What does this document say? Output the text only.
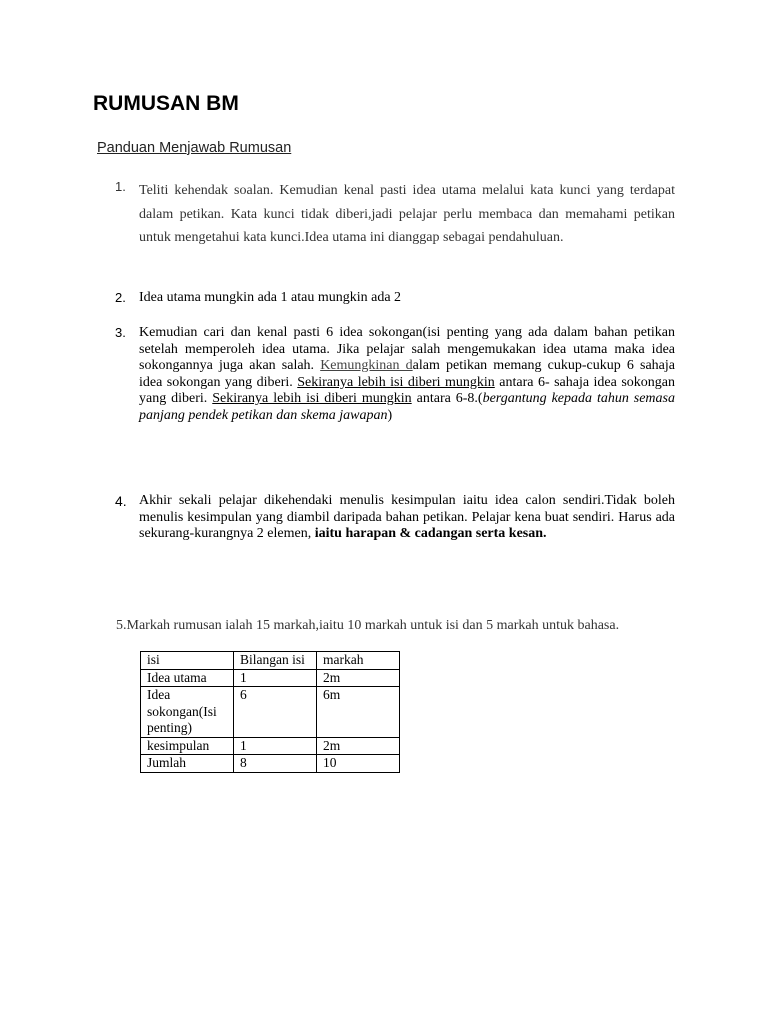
RUMUSAN BM
Panduan Menjawab Rumusan
1. Teliti kehendak soalan. Kemudian kenal pasti idea utama melalui kata kunci yang terdapat dalam petikan. Kata kunci tidak diberi,jadi pelajar perlu membaca dan memahami petikan untuk mengetahui kata kunci.Idea utama ini dianggap sebagai pendahuluan.
2. Idea utama mungkin ada 1 atau mungkin ada 2
3. Kemudian cari dan kenal pasti 6 idea sokongan(isi penting yang ada dalam bahan petikan setelah memperoleh idea utama. Jika pelajar salah mengemukakan idea utama maka idea sokongannya juga akan salah. Kemungkinan dalam petikan memang cukup-cukup 6 sahaja idea sokongan yang diberi. Sekiranya lebih isi diberi mungkin antara 6- sahaja idea sokongan yang diberi. Sekiranya lebih isi diberi mungkin antara 6-8.(bergantung kepada tahun semasa panjang pendek petikan dan skema jawapan)
4. Akhir sekali pelajar dikehendaki menulis kesimpulan iaitu idea calon sendiri.Tidak boleh menulis kesimpulan yang diambil daripada bahan petikan. Pelajar kena buat sendiri. Harus ada sekurang-kurangnya 2 elemen, iaitu harapan & cadangan serta kesan.
5.Markah rumusan ialah 15 markah,iaitu 10 markah untuk isi dan 5 markah untuk bahasa.
isi	Bilangan isi	markah
Idea utama	1	2m
Idea sokongan(Isi penting)	6	6m
kesimpulan	1	2m
Jumlah	8	10
